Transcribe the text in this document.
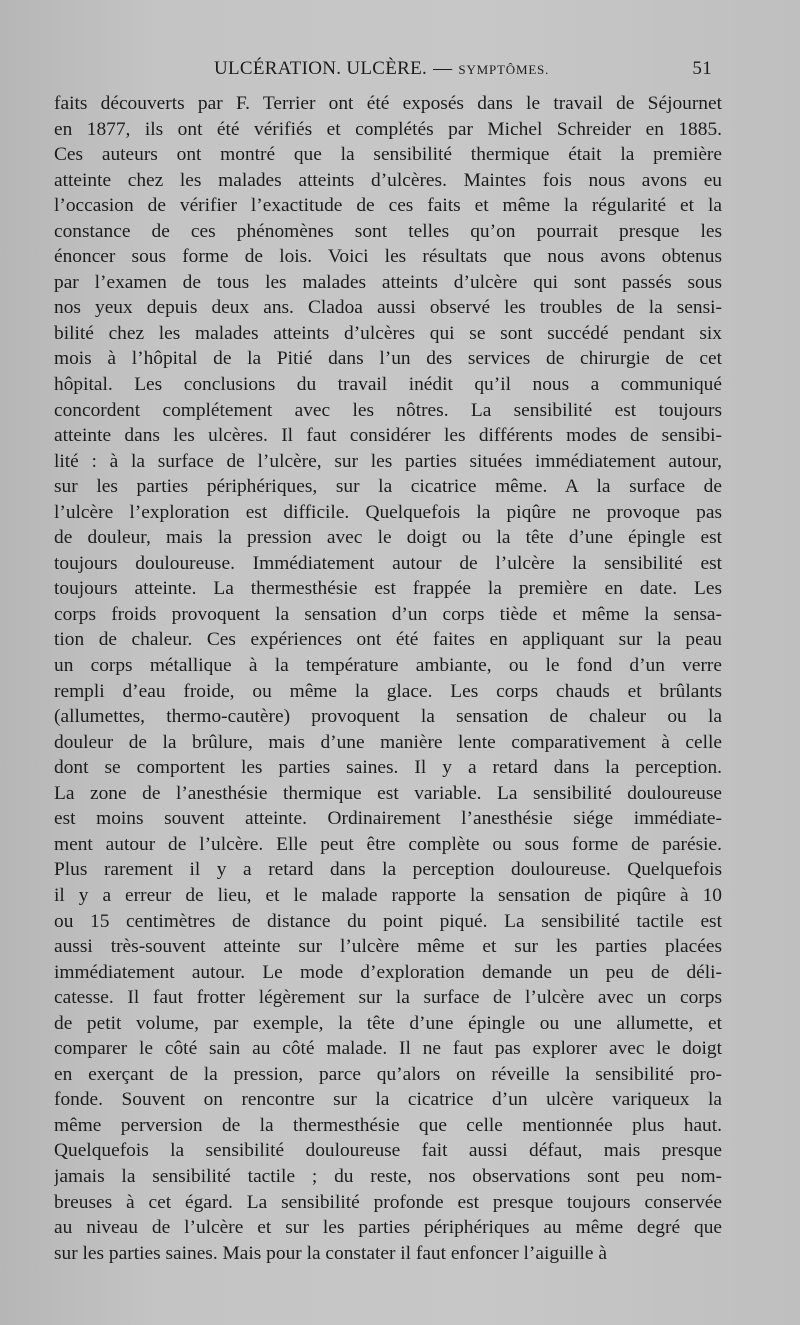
ULCÉRATION. ULCÈRE. — SYMPTÔMES.	51
faits découverts par F. Terrier ont été exposés dans le travail de Séjournet
en 1877, ils ont été vérifiés et complétés par Michel Schreider en 1885.
Ces auteurs ont montré que la sensibilité thermique était la première
atteinte chez les malades atteints d’ulcères. Maintes fois nous avons eu
l’occasion de vérifier l’exactitude de ces faits et même la régularité et la
constance de ces phénomènes sont telles qu’on pourrait presque les
énoncer sous forme de lois. Voici les résultats que nous avons obtenus
par l’examen de tous les malades atteints d’ulcère qui sont passés sous
nos yeux depuis deux ans. Cladoa aussi observé les troubles de la sensi-
bilité chez les malades atteints d’ulcères qui se sont succédé pendant six
mois à l’hôpital de la Pitié dans l’un des services de chirurgie de cet
hôpital. Les conclusions du travail inédit qu’il nous a communiqué
concordent complétement avec les nôtres. La sensibilité est toujours
atteinte dans les ulcères. Il faut considérer les différents modes de sensibi-
lité : à la surface de l’ulcère, sur les parties situées immédiatement autour,
sur les parties périphériques, sur la cicatrice même. A la surface de
l’ulcère l’exploration est difficile. Quelquefois la piqûre ne provoque pas
de douleur, mais la pression avec le doigt ou la tête d’une épingle est
toujours douloureuse. Immédiatement autour de l’ulcère la sensibilité est
toujours atteinte. La thermesthésie est frappée la première en date. Les
corps froids provoquent la sensation d’un corps tiède et même la sensa-
tion de chaleur. Ces expériences ont été faites en appliquant sur la peau
un corps métallique à la température ambiante, ou le fond d’un verre
rempli d’eau froide, ou même la glace. Les corps chauds et brûlants
(allumettes, thermo-cautère) provoquent la sensation de chaleur ou la
douleur de la brûlure, mais d’une manière lente comparativement à celle
dont se comportent les parties saines. Il y a retard dans la perception.
La zone de l’anesthésie thermique est variable. La sensibilité douloureuse
est moins souvent atteinte. Ordinairement l’anesthésie siége immédiate-
ment autour de l’ulcère. Elle peut être complète ou sous forme de parésie.
Plus rarement il y a retard dans la perception douloureuse. Quelquefois
il y a erreur de lieu, et le malade rapporte la sensation de piqûre à 10
ou 15 centimètres de distance du point piqué. La sensibilité tactile est
aussi très-souvent atteinte sur l’ulcère même et sur les parties placées
immédiatement autour. Le mode d’exploration demande un peu de déli-
catesse. Il faut frotter légèrement sur la surface de l’ulcère avec un corps
de petit volume, par exemple, la tête d’une épingle ou une allumette, et
comparer le côté sain au côté malade. Il ne faut pas explorer avec le doigt
en exerçant de la pression, parce qu’alors on réveille la sensibilité pro-
fonde. Souvent on rencontre sur la cicatrice d’un ulcère variqueux la
même perversion de la thermesthésie que celle mentionnée plus haut.
Quelquefois la sensibilité douloureuse fait aussi défaut, mais presque
jamais la sensibilité tactile ; du reste, nos observations sont peu nom-
breuses à cet égard. La sensibilité profonde est presque toujours conservée
au niveau de l’ulcère et sur les parties périphériques au même degré que
sur les parties saines. Mais pour la constater il faut enfoncer l’aiguille à
